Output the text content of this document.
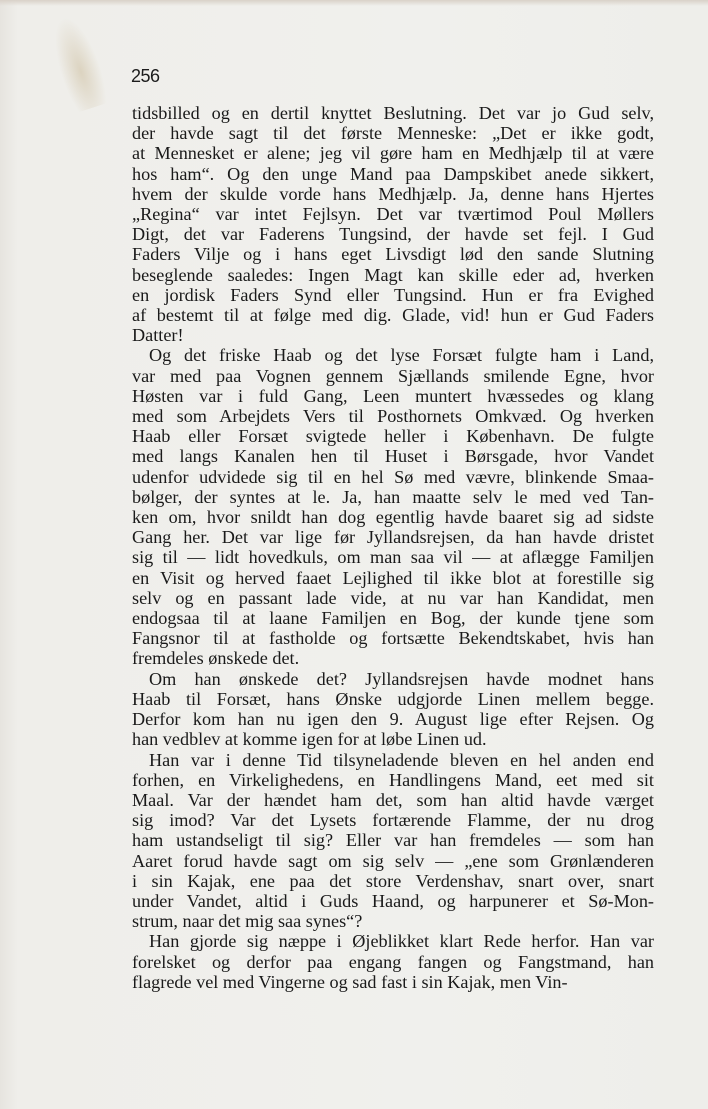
256

tidsbilled og en dertil knyttet Beslutning. Det var jo Gud selv,
der havde sagt til det første Menneske: „Det er ikke godt,
at Mennesket er alene; jeg vil gøre ham en Medhjælp til at være
hos ham“. Og den unge Mand paa Dampskibet anede sikkert,
hvem der skulde vorde hans Medhjælp. Ja, denne hans Hjertes
„Regina“ var intet Fejlsyn. Det var tværtimod Poul Møllers
Digt, det var Faderens Tungsind, der havde set fejl. I Gud
Faders Vilje og i hans eget Livsdigt lød den sande Slutning
beseglende saaledes: Ingen Magt kan skille eder ad, hverken
en jordisk Faders Synd eller Tungsind. Hun er fra Evighed
af bestemt til at følge med dig. Glade, vid! hun er Gud Faders
Datter!

Og det friske Haab og det lyse Forsæt fulgte ham i Land,
var med paa Vognen gennem Sjællands smilende Egne, hvor
Høsten var i fuld Gang, Leen muntert hvæssedes og klang
med som Arbejdets Vers til Posthornets Omkvæd. Og hverken
Haab eller Forsæt svigtede heller i København. De fulgte
med langs Kanalen hen til Huset i Børsgade, hvor Vandet
udenfor udvidede sig til en hel Sø med vævre, blinkende Smaa-
bølger, der syntes at le. Ja, han maatte selv le med ved Tan-
ken om, hvor snildt han dog egentlig havde baaret sig ad sidste
Gang her. Det var lige før Jyllandsrejsen, da han havde dristet
sig til — lidt hovedkuls, om man saa vil — at aflægge Familjen
en Visit og herved faaet Lejlighed til ikke blot at forestille sig
selv og en passant lade vide, at nu var han Kandidat, men
endogsaa til at laane Familjen en Bog, der kunde tjene som
Fangsnor til at fastholde og fortsætte Bekendtskabet, hvis han
fremdeles ønskede det.

Om han ønskede det? Jyllandsrejsen havde modnet hans
Haab til Forsæt, hans Ønske udgjorde Linen mellem begge.
Derfor kom han nu igen den 9. August lige efter Rejsen. Og
han vedblev at komme igen for at løbe Linen ud.

Han var i denne Tid tilsyneladende bleven en hel anden end
forhen, en Virkelighedens, en Handlingens Mand, eet med sit
Maal. Var der hændet ham det, som han altid havde værget
sig imod? Var det Lysets fortærende Flamme, der nu drog
ham ustandseligt til sig? Eller var han fremdeles — som han
Aaret forud havde sagt om sig selv — „ene som Grønlænderen
i sin Kajak, ene paa det store Verdenshav, snart over, snart
under Vandet, altid i Guds Haand, og harpunerer et Sø-Mon-
strum, naar det mig saa synes“?

Han gjorde sig næppe i Øjeblikket klart Rede herfor. Han var
forelsket og derfor paa engang fangen og Fangstmand, han
flagrede vel med Vingerne og sad fast i sin Kajak, men Vin-
